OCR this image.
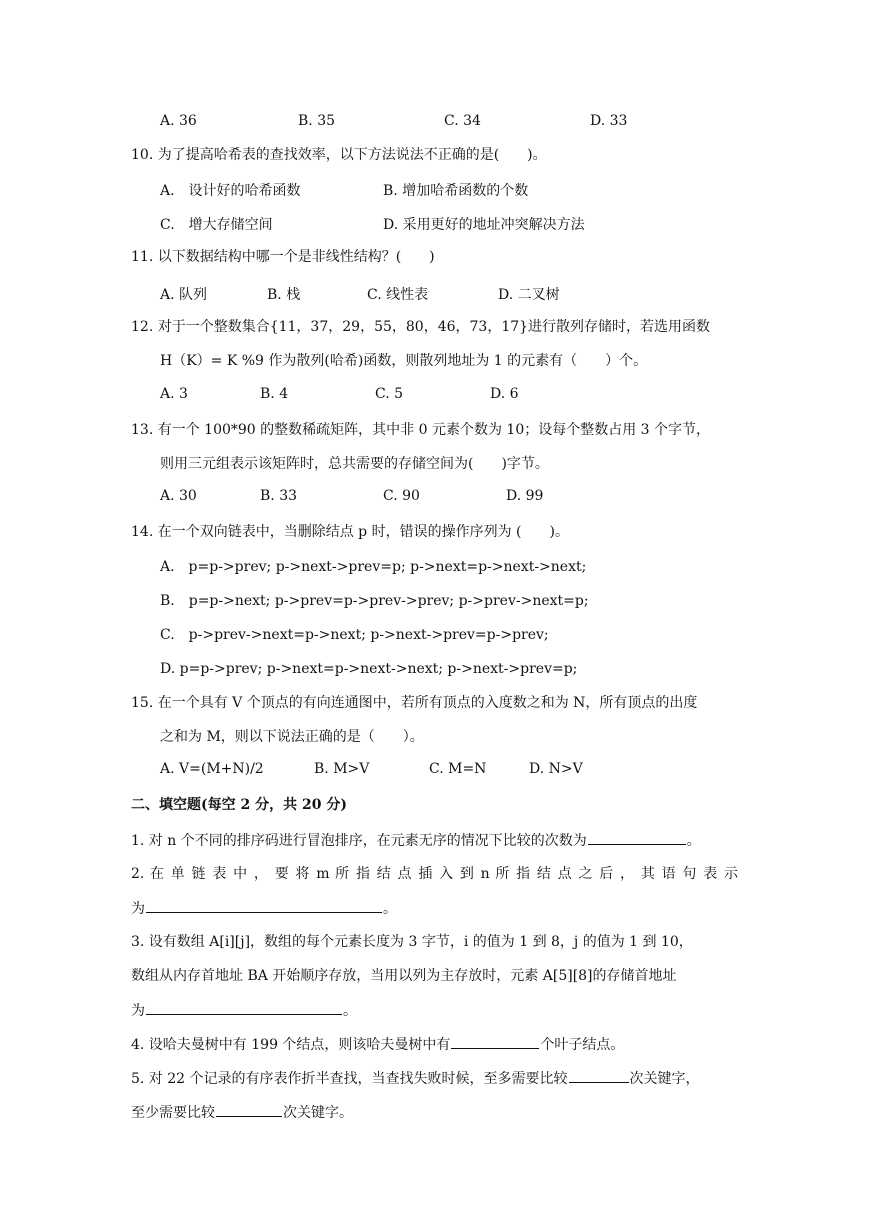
A. 36	B. 35	C. 34	D. 33
10. 为了提高哈希表的查找效率，以下方法说法不正确的是(　　)。
A.　设计好的哈希函数	B. 增加哈希函数的个数
C.　增大存储空间	D. 采用更好的地址冲突解决方法
11. 以下数据结构中哪一个是非线性结构？(　　)
A. 队列	B. 栈	C. 线性表	D. 二叉树
12. 对于一个整数集合{11，37，29，55，80，46，73，17}进行散列存储时，若选用函数
H（K）= K %9 作为散列(哈希)函数，则散列地址为 1 的元素有（　　）个。
A. 3	B. 4	C. 5	D. 6
13. 有一个 100*90 的整数稀疏矩阵，其中非 0 元素个数为 10；设每个整数占用 3 个字节，
则用三元组表示该矩阵时，总共需要的存储空间为(　　)字节。
A. 30	B. 33	C. 90	D. 99
14. 在一个双向链表中，当删除结点 p 时，错误的操作序列为 (　　)。
A.　p=p->prev; p->next->prev=p; p->next=p->next->next;
B.　p=p->next; p->prev=p->prev->prev; p->prev->next=p;
C.　p->prev->next=p->next; p->next->prev=p->prev;
D. p=p->prev; p->next=p->next->next; p->next->prev=p;
15. 在一个具有 V 个顶点的有向连通图中，若所有顶点的入度数之和为 N，所有顶点的出度
之和为 M，则以下说法正确的是（　　）。
A. V=(M+N)/2	B. M>V	C. M=N	D. N>V
二、填空题(每空 2 分，共 20 分)
1. 对 n 个不同的排序码进行冒泡排序，在元素无序的情况下比较的次数为	。
2. 在 单 链 表 中 ， 要 将 m 所 指 结 点 插 入 到 n 所 指 结 点 之 后 ， 其 语 句 表 示
为	。
3. 设有数组 A[i][j]，数组的每个元素长度为 3 字节，i 的值为 1 到 8，j 的值为 1 到 10，
数组从内存首地址 BA 开始顺序存放，当用以列为主存放时，元素 A[5][8]的存储首地址
为	。
4. 设哈夫曼树中有 199 个结点，则该哈夫曼树中有	个叶子结点。
5. 对 22 个记录的有序表作折半查找，当查找失败时候，至多需要比较	次关键字，
至少需要比较	次关键字。
